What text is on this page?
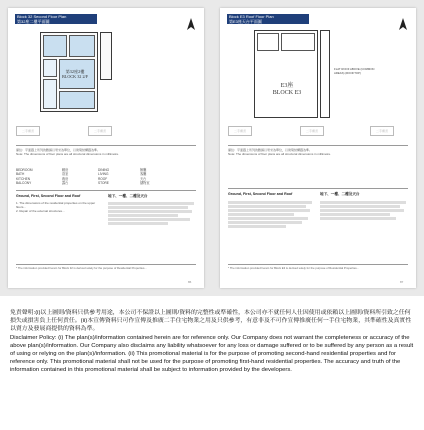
Block 32 Second Floor Plan
第32座二樓平面圖
第32座2樓
BLOCK 32 2/F
二手樓書	二手樓書
備註：平面圖上所列的數據以毫米為單位，以建築結構圖為準。
Note: The dimensions of floor plans are all structural dimensions in millimetre.
BEDROOM	睡房	DINING	飯廳
BATH	浴室	LIVING	客廳
KITCHEN	廚房	ROOF	天台
BALCONY	露台	STORE	儲物室
Ground, First, Second Floor and Roof	地下、一樓、二樓及天台
1. The dimensions of the residential properties on the upper floors...
2. Repair of the external structures...
* The information provided herein for Block 32 is derived solely for the purpose of Residential Properties...
86
Block E3 Roof Floor Plan
第E3座天台平面圖
E3座
BLOCK E3
FLAT ROOF ABOVE (COMMON AREAS) (ROOFTOP)
二手樓書	二手樓書	二手樓書
備註：平面圖上所列的數據以毫米為單位，以建築結構圖為準。
Note: The dimensions of floor plans are all structural dimensions in millimetre.
Ground, First, Second Floor and Roof	地下、一樓、二樓及天台
* The information provided herein for Block E3 is derived solely for the purpose of Residential Properties...
87
免責聲明:(i)以上圖則/資料只供參考用途，本公司不保證以上圖則/資料的完整性或準確性，本公司亦不就任何人仕因使用或依賴以上圖則/資料所引致之任何損失或損害負上任何責任。(ii)本宣傳資料只可作宣傳及推廣二手住宅物業之用及只供參考，有意非及不可作宣傳推廣任何一手住宅物業，其準確性及真實性以賣方及發展商提供的資料為準。
Disclaimer Policy: (i) The plan(s)/information contained herein are for reference only. Our Company does not warrant the completeness or accuracy of the above plan(s)/information. Our Company also disclaims any liability whatsoever for any loss or damage suffered or to be suffered by any person as a result of using or relying on the plan(s)/information. (ii) This promotional material is for the purpose of promoting second-hand residential properties and for reference only. This promotional material shall not be used for the purpose of promoting first-hand residential properties. The accuracy and truth of the information contained in this promotional material shall be subject to information provided by the developers.
